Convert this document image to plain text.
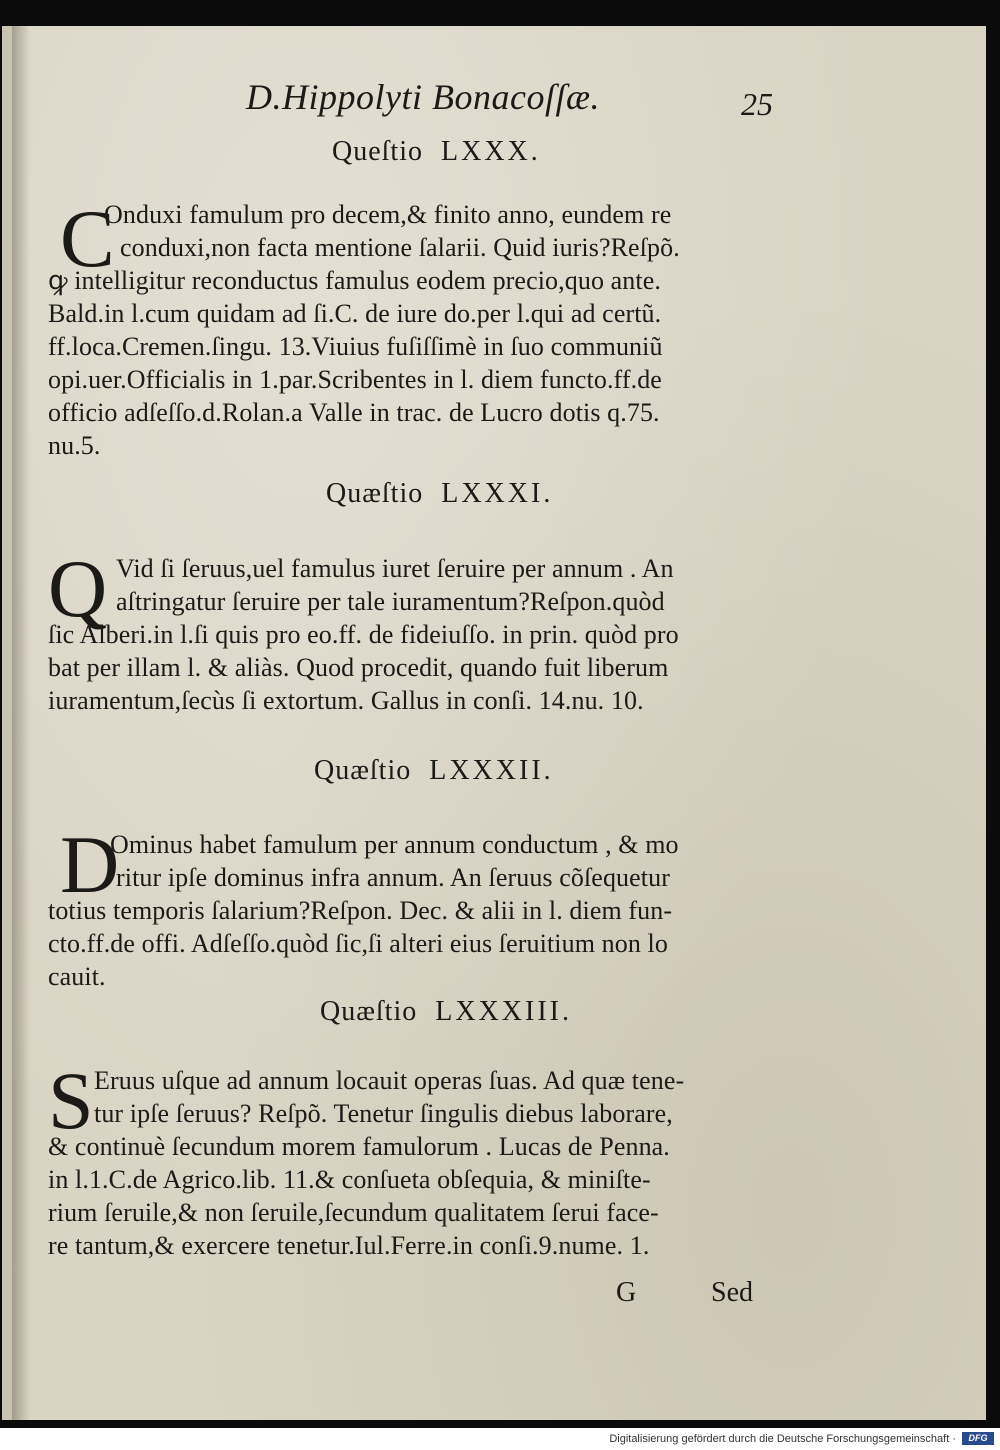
D.Hippolyti Bonacoſſæ.	25
Queſtio LXXX.
C
Onduxi famulum pro decem,& finito anno, eundem re
conduxi,non facta mentione ſalarii. Quid iuris?Reſpõ.
ꝙ intelligitur reconductus famulus eodem precio,quo ante.
Bald.in l.cum quidam ad ſi.C. de iure do.per l.qui ad certũ.
ff.loca.Cremen.ſingu. 13.Viuius fuſiſſimè in ſuo communiũ
opi.uer.Officialis in 1.par.Scribentes in l. diem functo.ff.de
officio adſeſſo.d.Rolan.a Valle in trac. de Lucro dotis q.75.
nu.5.
Quæſtio LXXXI.
Q Vid ſi ſeruus,uel famulus iuret ſeruire per annum . An
aſtringatur ſeruire per tale iuramentum?Reſpon.quòd
ſic Alberi.in l.ſi quis pro eo.ff. de fideiuſſo. in prin. quòd pro
bat per illam l. & aliàs. Quod procedit, quando fuit liberum
iuramentum,ſecùs ſi extortum. Gallus in conſi. 14.nu. 10.
Quæſtio LXXXII.
D
Ominus habet famulum per annum conductum , & mo
ritur ipſe dominus infra annum. An ſeruus cõſequetur
totius temporis ſalarium?Reſpon. Dec. & alii in l. diem fun-
cto.ff.de offi. Adſeſſo.quòd ſic,ſi alteri eius ſeruitium non lo
cauit.
Quæſtio LXXXIII.
S Eruus uſque ad annum locauit operas ſuas. Ad quæ tene-
tur ipſe ſeruus? Reſpõ. Tenetur ſingulis diebus laborare,
& continuè ſecundum morem famulorum . Lucas de Penna.
in l.1.C.de Agrico.lib. 11.& conſueta obſequia, & miniſte-
rium ſeruile,& non ſeruile,ſecundum qualitatem ſerui face-
re tantum,& exercere tenetur.Iul.Ferre.in conſi.9.nume. 1.
G	Sed
Digitalisierung gefördert durch die Deutsche Forschungsgemeinschaft ·	DFG
